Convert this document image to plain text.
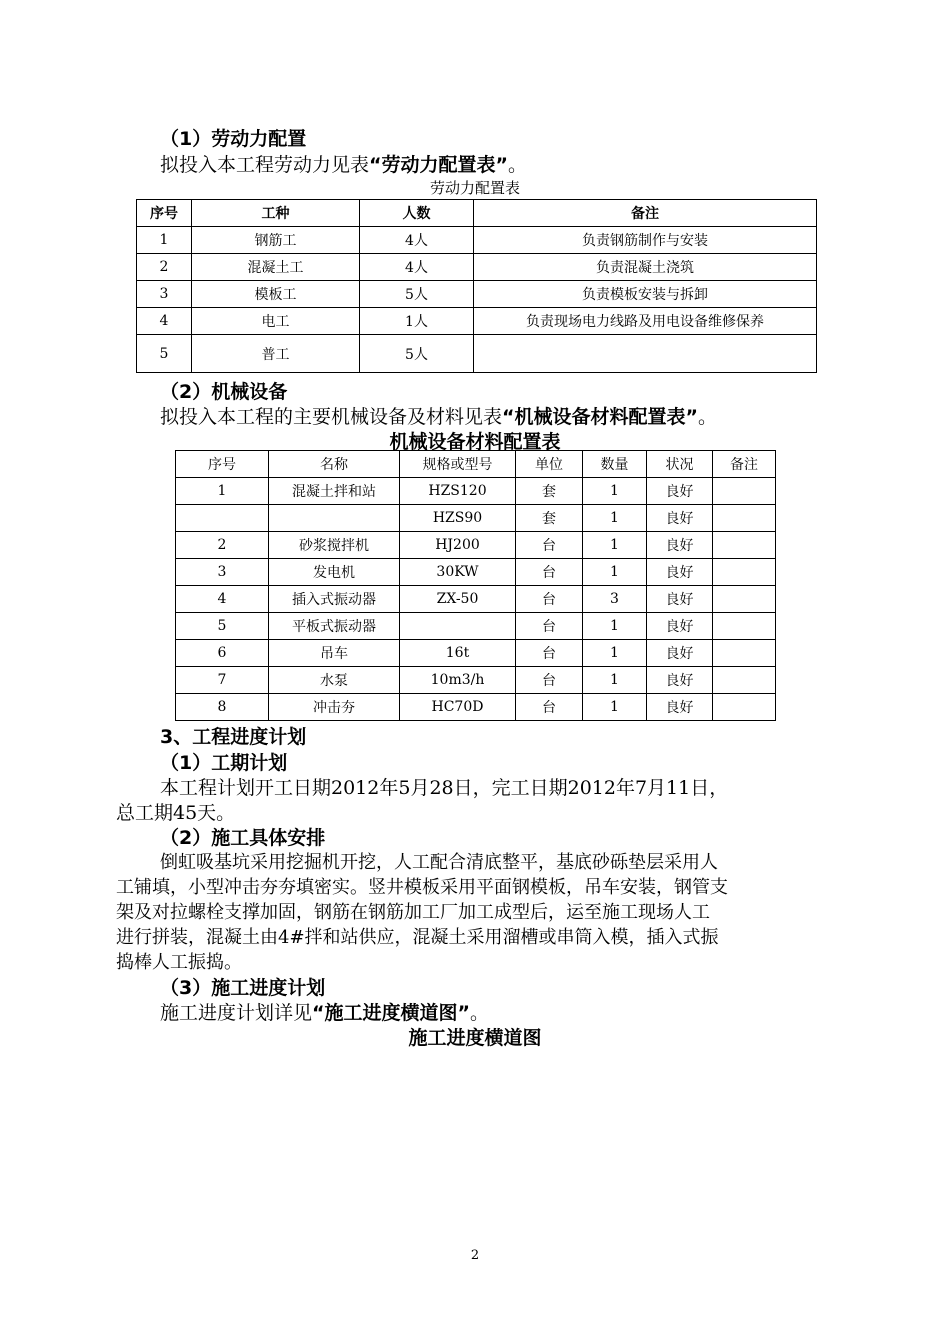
（1）劳动力配置
拟投入本工程劳动力见表“劳动力配置表”。
劳动力配置表
序号	工种	人数	备注
1	钢筋工	4人	负责钢筋制作与安装
2	混凝土工	4人	负责混凝土浇筑
3	模板工	5人	负责模板安装与拆卸
4	电工	1人	负责现场电力线路及用电设备维修保养
5	普工	5人	
（2）机械设备
拟投入本工程的主要机械设备及材料见表“机械设备材料配置表”。
机械设备材料配置表
序号	名称	规格或型号	单位	数量	状况	备注
1	混凝土拌和站	HZS120	套	1	良好	
		HZS90	套	1	良好	
2	砂浆搅拌机	HJ200	台	1	良好	
3	发电机	30KW	台	1	良好	
4	插入式振动器	ZX-50	台	3	良好	
5	平板式振动器		台	1	良好	
6	吊车	16t	台	1	良好	
7	水泵	10m3/h	台	1	良好	
8	冲击夯	HC70D	台	1	良好	
3、工程进度计划
（1）工期计划
本工程计划开工日期2012年5月28日，完工日期2012年7月11日，
总工期45天。
（2）施工具体安排
倒虹吸基坑采用挖掘机开挖，人工配合清底整平，基底砂砾垫层采用人
工铺填，小型冲击夯夯填密实。竖井模板采用平面钢模板，吊车安装，钢管支
架及对拉螺栓支撑加固，钢筋在钢筋加工厂加工成型后，运至施工现场人工
进行拼装，混凝土由4#拌和站供应，混凝土采用溜槽或串筒入模，插入式振
捣棒人工振捣。
（3）施工进度计划
施工进度计划详见“施工进度横道图”。
施工进度横道图
2
